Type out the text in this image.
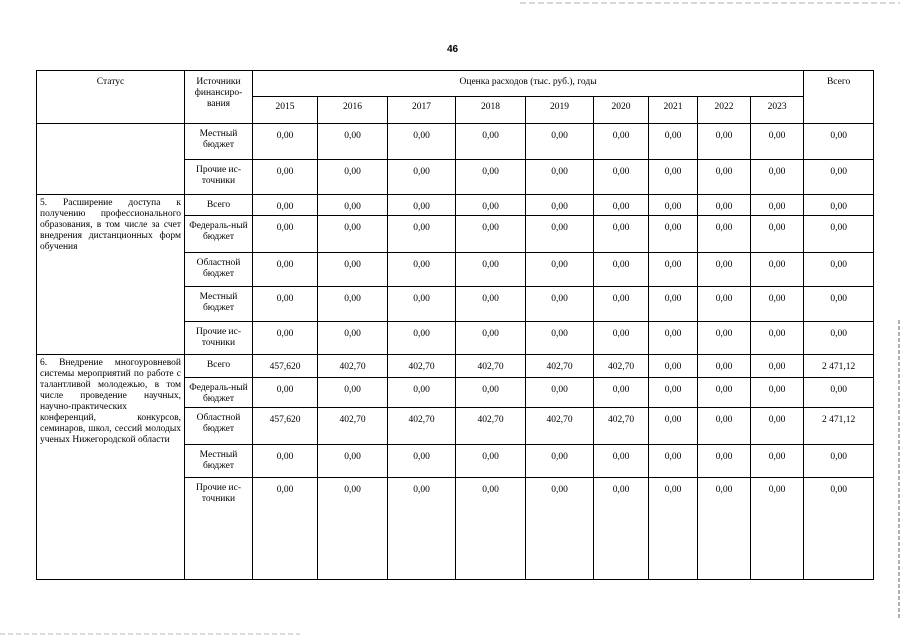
46
Статус	Источники финансиро-вания	Оценка расходов (тыс. руб.), годы									Всего
		2015	2016	2017	2018	2019	2020	2021	2022	2023	
	Местный бюджет	0,00	0,00	0,00	0,00	0,00	0,00	0,00	0,00	0,00	0,00
	Прочие ис-точники	0,00	0,00	0,00	0,00	0,00	0,00	0,00	0,00	0,00	0,00
5. Расширение доступа к получению профессионального образования, в том числе за счет внедрения дистанционных форм обучения	Всего	0,00	0,00	0,00	0,00	0,00	0,00	0,00	0,00	0,00	0,00
	Федераль-ный бюджет	0,00	0,00	0,00	0,00	0,00	0,00	0,00	0,00	0,00	0,00
	Областной бюджет	0,00	0,00	0,00	0,00	0,00	0,00	0,00	0,00	0,00	0,00
	Местный бюджет	0,00	0,00	0,00	0,00	0,00	0,00	0,00	0,00	0,00	0,00
	Прочие ис-точники	0,00	0,00	0,00	0,00	0,00	0,00	0,00	0,00	0,00	0,00
6. Внедрение многоуровневой системы мероприятий по работе с талантливой молодежью, в том числе проведение научных, научно-практических конференций, конкурсов, семинаров, школ, сессий молодых ученых Нижегородской области	Всего	457,620	402,70	402,70	402,70	402,70	402,70	0,00	0,00	0,00	2 471,12
	Федераль-ный бюджет	0,00	0,00	0,00	0,00	0,00	0,00	0,00	0,00	0,00	0,00
	Областной бюджет	457,620	402,70	402,70	402,70	402,70	402,70	0,00	0,00	0,00	2 471,12
	Местный бюджет	0,00	0,00	0,00	0,00	0,00	0,00	0,00	0,00	0,00	0,00
	Прочие ис-точники	0,00	0,00	0,00	0,00	0,00	0,00	0,00	0,00	0,00	0,00
